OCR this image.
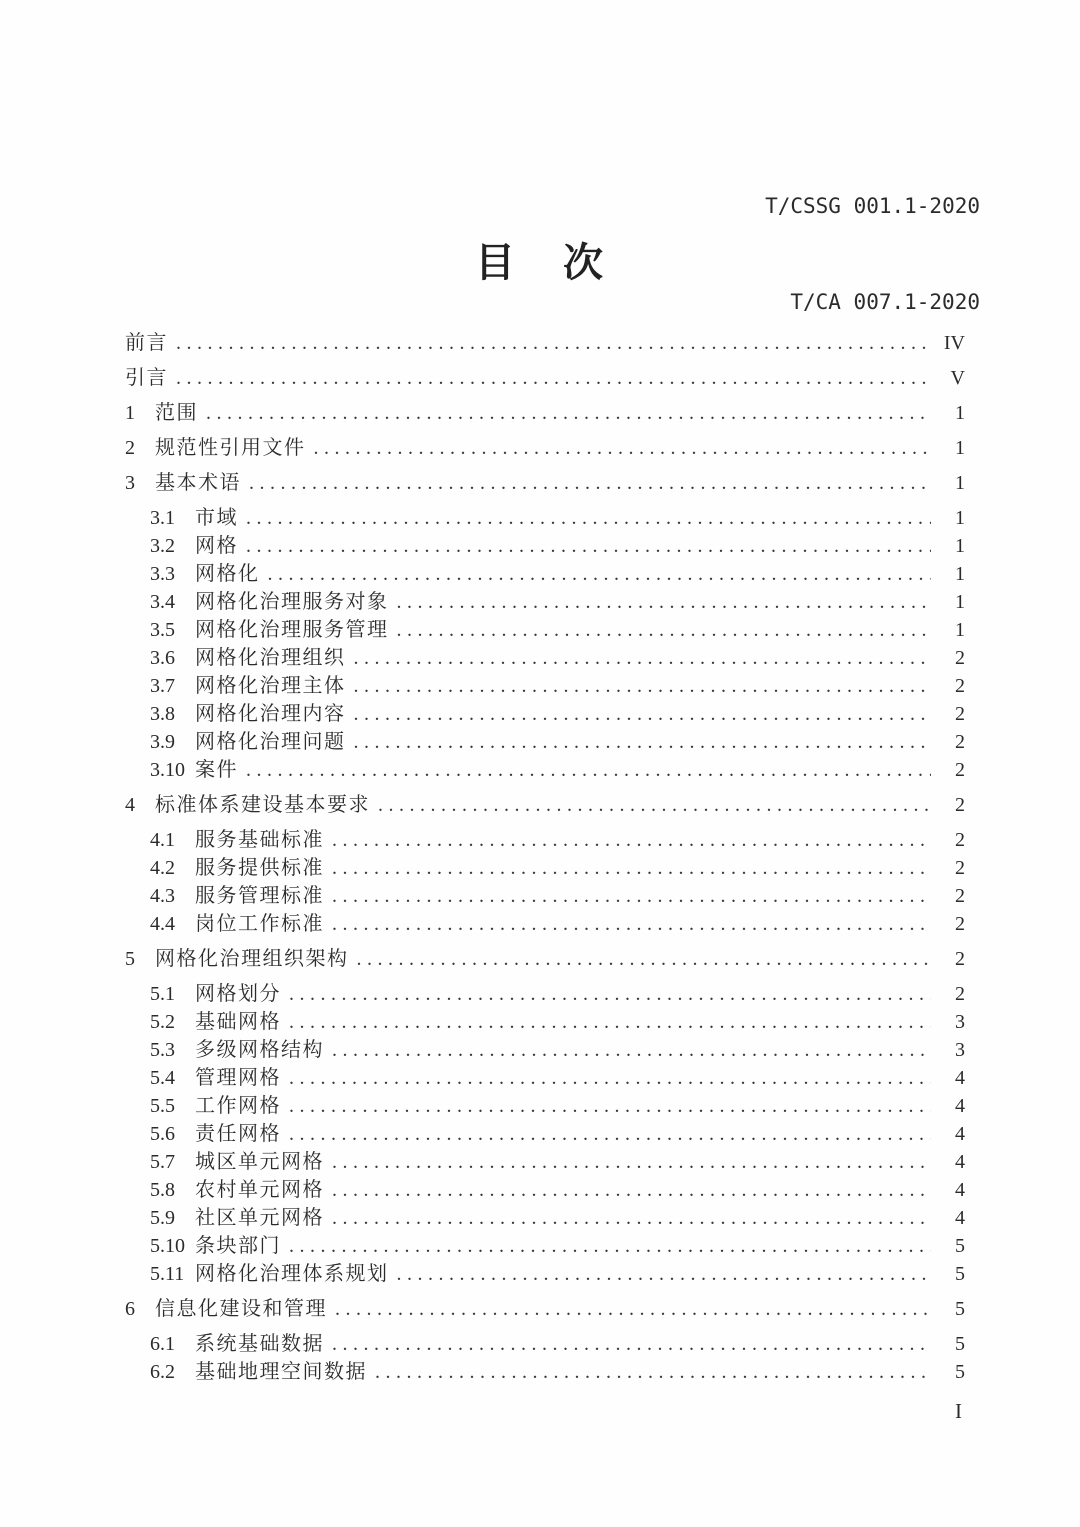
T/CSSG 001.1-2020

T/CA 007.1-2020

目 次
前言 .....	IV
引言 .....	V
1	范围 .....	1
2	规范性引用文件 .....	1
3	基本术语 .....	1
3.1	市域 .....	1
3.2	网格 .....	1
3.3	网格化 .....	1
3.4	网格化治理服务对象 .....	1
3.5	网格化治理服务管理 .....	1
3.6	网格化治理组织 .....	2
3.7	网格化治理主体 .....	2
3.8	网格化治理内容 .....	2
3.9	网格化治理问题 .....	2
3.10 案件 .....	2
4	标准体系建设基本要求 .....	2
4.1	服务基础标准 .....	2
4.2	服务提供标准 .....	2
4.3	服务管理标准 .....	2
4.4	岗位工作标准 .....	2
5	网格化治理组织架构 .....	2
5.1	网格划分 .....	2
5.2	基础网格 .....	3
5.3	多级网格结构 .....	3
5.4	管理网格 .....	4
5.5	工作网格 .....	4
5.6	责任网格 .....	4
5.7	城区单元网格 .....	4
5.8	农村单元网格 .....	4
5.9	社区单元网格 .....	4
5.10 条块部门 .....	5
5.11 网格化治理体系规划 .....	5
6	信息化建设和管理 .....	5
6.1	系统基础数据 .....	5
6.2	基础地理空间数据 .....	5
I
